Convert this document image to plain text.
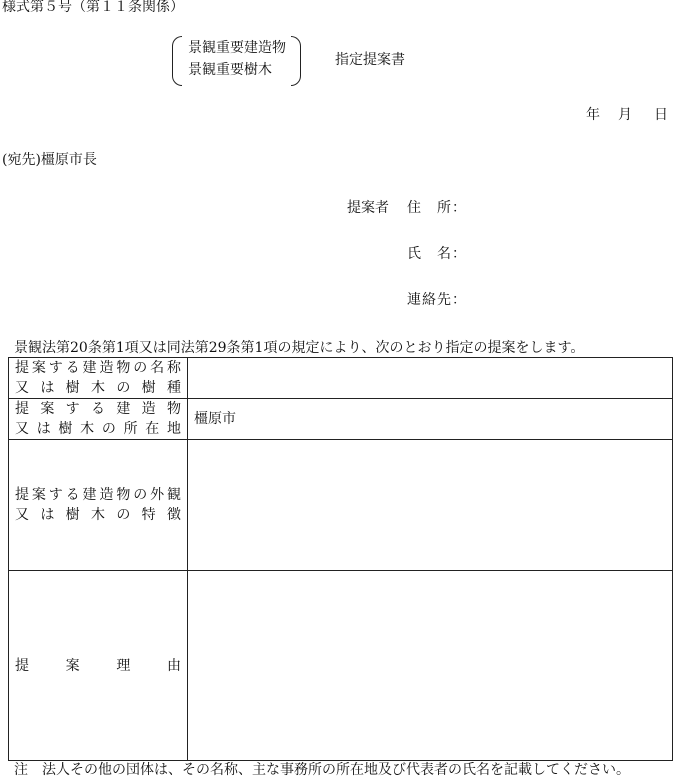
様式第５号（第１１条関係）
景観重要建造物
景観重要樹木
指定提案書
年 月 日
(宛先)橿原市長
提案者 住　所：
氏　名：
連絡先：
景観法第20条第1項又は同法第29条第1項の規定により、次のとおり指定の提案をします。
提案する建造物の名称
又は樹木の樹種	

提案する建造物
又は樹木の所在地	橿原市

提案する建造物の外観
又は樹木の特徴	

提案理由	

注　法人その他の団体は、その名称、主な事務所の所在地及び代表者の氏名を記載してください。
